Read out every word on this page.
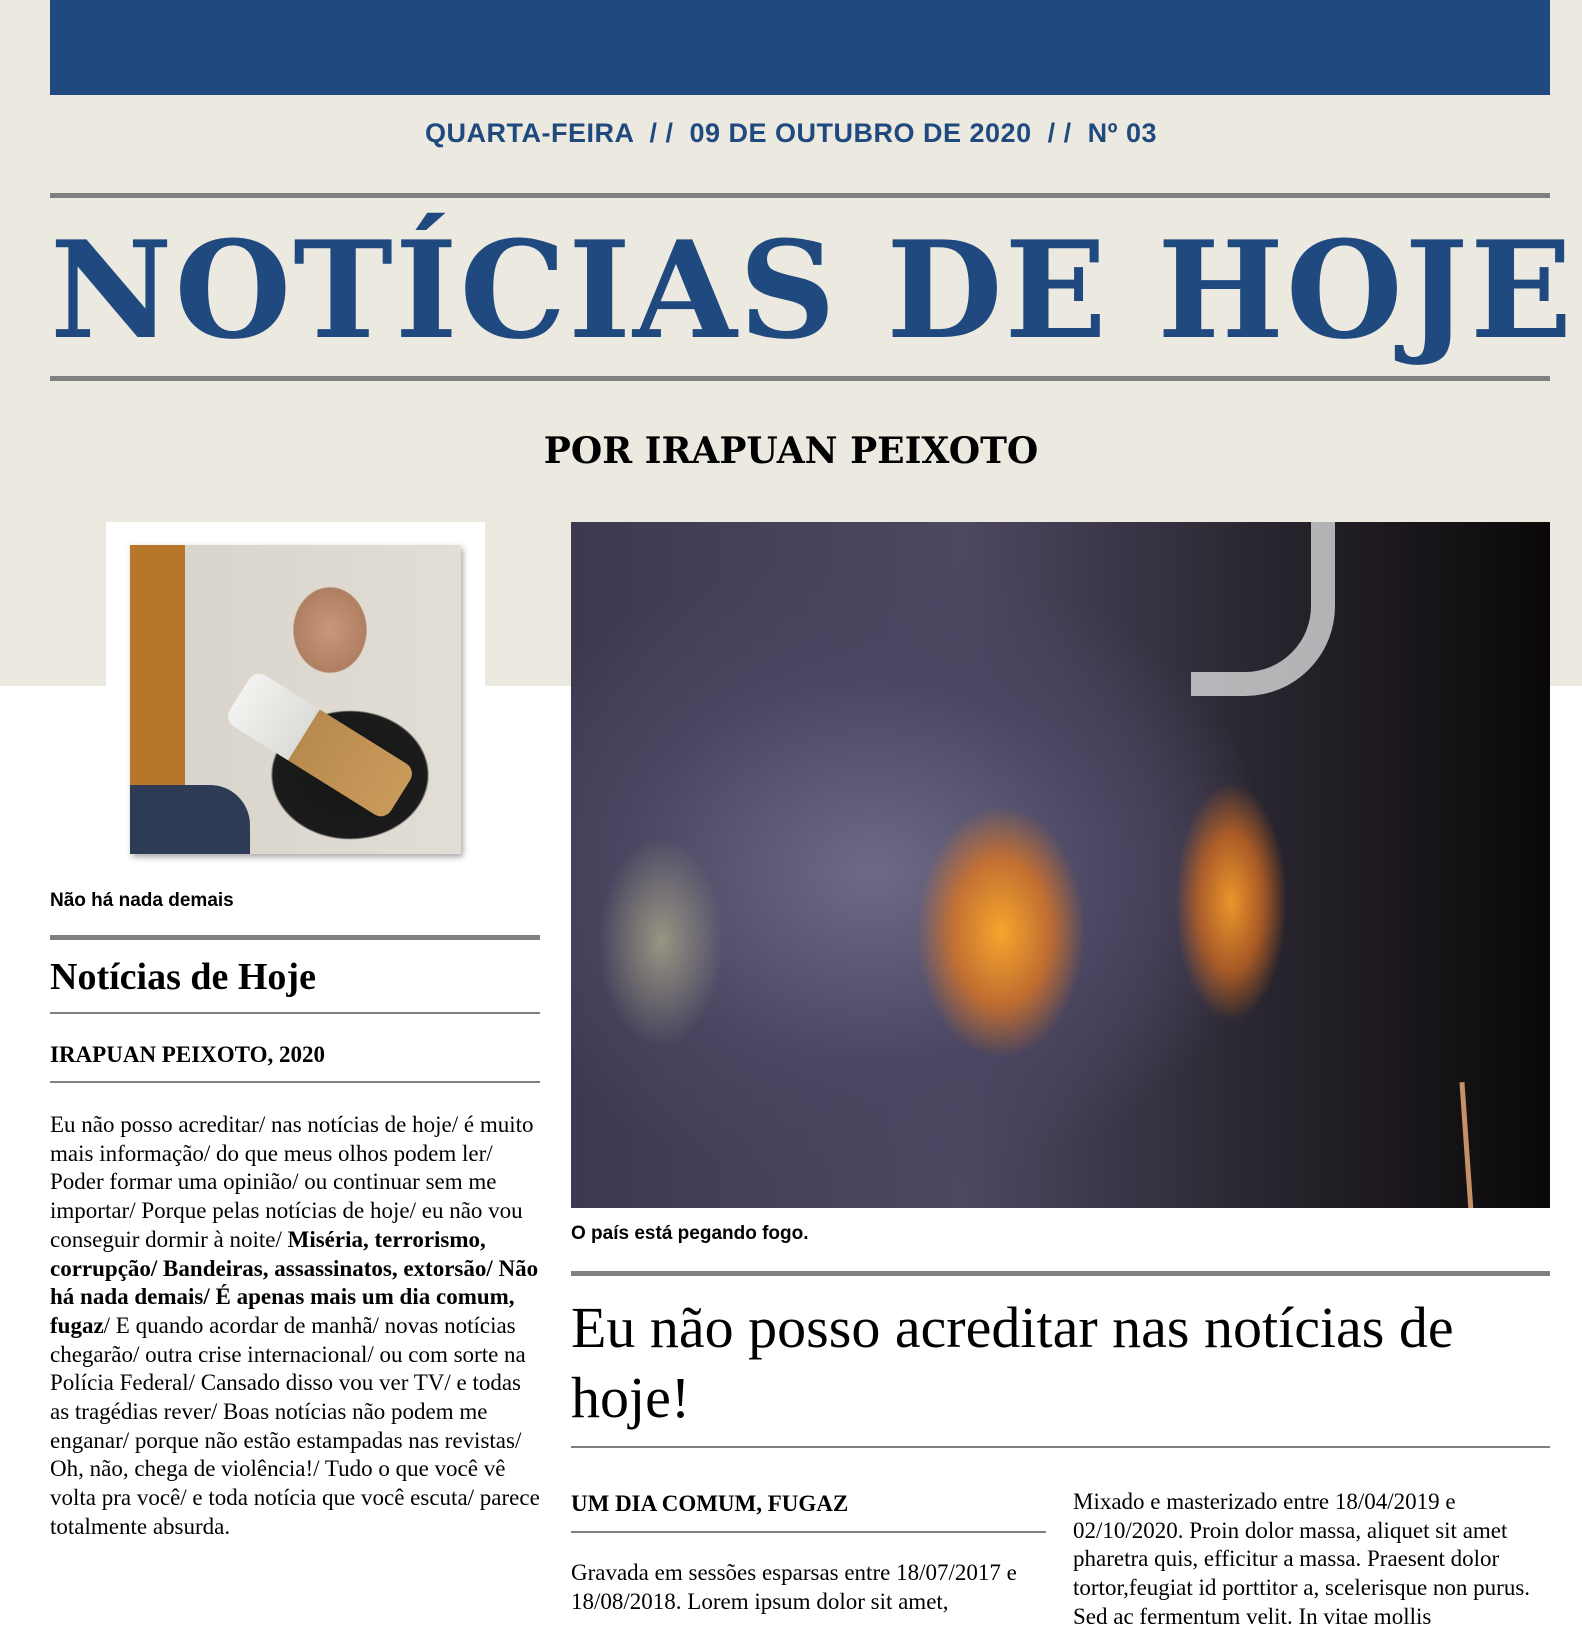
QUARTA-FEIRA  / /  09 DE OUTUBRO DE 2020  / /  Nº 03
NOTÍCIAS DE HOJE
POR IRAPUAN PEIXOTO
Não há nada demais
Notícias de Hoje
IRAPUAN PEIXOTO, 2020
Eu não posso acreditar/ nas notícias de hoje/ é muito mais informação/ do que meus olhos podem ler/ Poder formar uma opinião/ ou continuar sem me importar/ Porque pelas notícias de hoje/ eu não vou conseguir dormir à noite/ Miséria, terrorismo, corrupção/ Bandeiras, assassinatos, extorsão/ Não há nada demais/ É apenas mais um dia comum, fugaz/ E quando acordar de manhã/ novas notícias chegarão/ outra crise internacional/ ou com sorte na Polícia Federal/ Cansado disso vou ver TV/ e todas as tragédias rever/ Boas notícias não podem me enganar/ porque não estão estampadas nas revistas/ Oh, não, chega de violência!/ Tudo o que você vê volta pra você/ e toda notícia que você escuta/ parece totalmente absurda.
O país está pegando fogo.
Eu não posso acreditar nas notícias de hoje!
UM DIA COMUM, FUGAZ
Gravada em sessões esparsas entre 18/07/2017 e 18/08/2018. Lorem ipsum dolor sit amet,
Mixado e masterizado entre 18/04/2019 e 02/10/2020. Proin dolor massa, aliquet sit amet pharetra quis, efficitur a massa. Praesent dolor tortor,feugiat id porttitor a, scelerisque non purus. Sed ac fermentum velit. In vitae mollis
